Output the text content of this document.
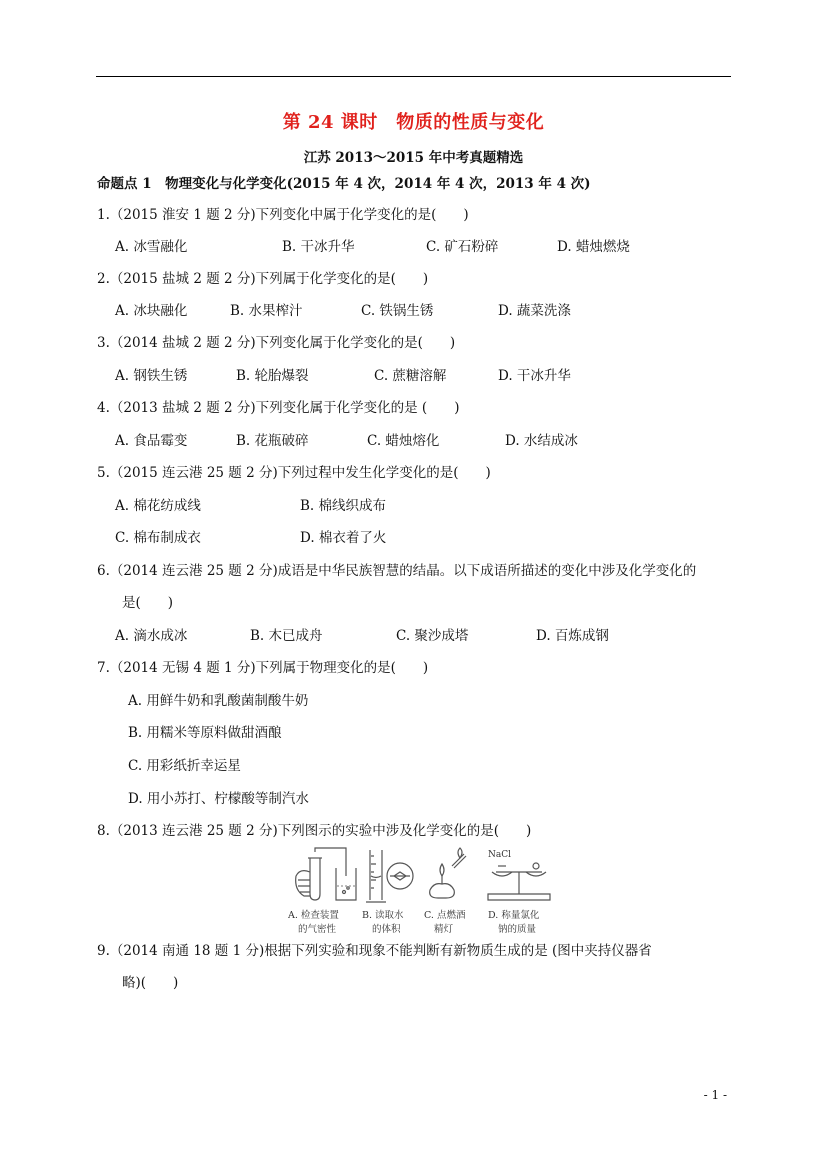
第 24 课时　物质的性质与变化
江苏 2013～2015 年中考真题精选
命题点 1　物理变化与化学变化(2015 年 4 次，2014 年 4 次，2013 年 4 次)
1.（2015 淮安 1 题 2 分)下列变化中属于化学变化的是(　　)
A. 冰雪融化	B. 干冰升华	C. 矿石粉碎	D. 蜡烛燃烧
2.（2015 盐城 2 题 2 分)下列属于化学变化的是(　　)
A. 冰块融化	B. 水果榨汁	C. 铁锅生锈	D. 蔬菜洗涤
3.（2014 盐城 2 题 2 分)下列变化属于化学变化的是(　　)
A. 钢铁生锈	B. 轮胎爆裂	C. 蔗糖溶解	D. 干冰升华
4.（2013 盐城 2 题 2 分)下列变化属于化学变化的是 (　　)
A. 食品霉变	B. 花瓶破碎	C. 蜡烛熔化	D. 水结成冰
5.（2015 连云港 25 题 2 分)下列过程中发生化学变化的是(　　)
A. 棉花纺成线	B. 棉线织成布
C. 棉布制成衣	D. 棉衣着了火
6.（2014 连云港 25 题 2 分)成语是中华民族智慧的结晶。以下成语所描述的变化中涉及化学变化的
是(　　)
A. 滴水成冰	B. 木已成舟	C. 聚沙成塔	D. 百炼成钢
7.（2014 无锡 4 题 1 分)下列属于物理变化的是(　　)
A. 用鲜牛奶和乳酸菌制酸牛奶
B. 用糯米等原料做甜酒酿
C. 用彩纸折幸运星
D. 用小苏打、柠檬酸等制汽水
8.（2013 连云港 25 题 2 分)下列图示的实验中涉及化学变化的是(　　)
NaCl
A. 检查装置
的气密性
B. 读取水
的体积
C. 点燃酒
精灯
D. 称量氯化
钠的质量
9.（2014 南通 18 题 1 分)根据下列实验和现象不能判断有新物质生成的是 (图中夹持仪器省
略)(　　)
- 1 -
